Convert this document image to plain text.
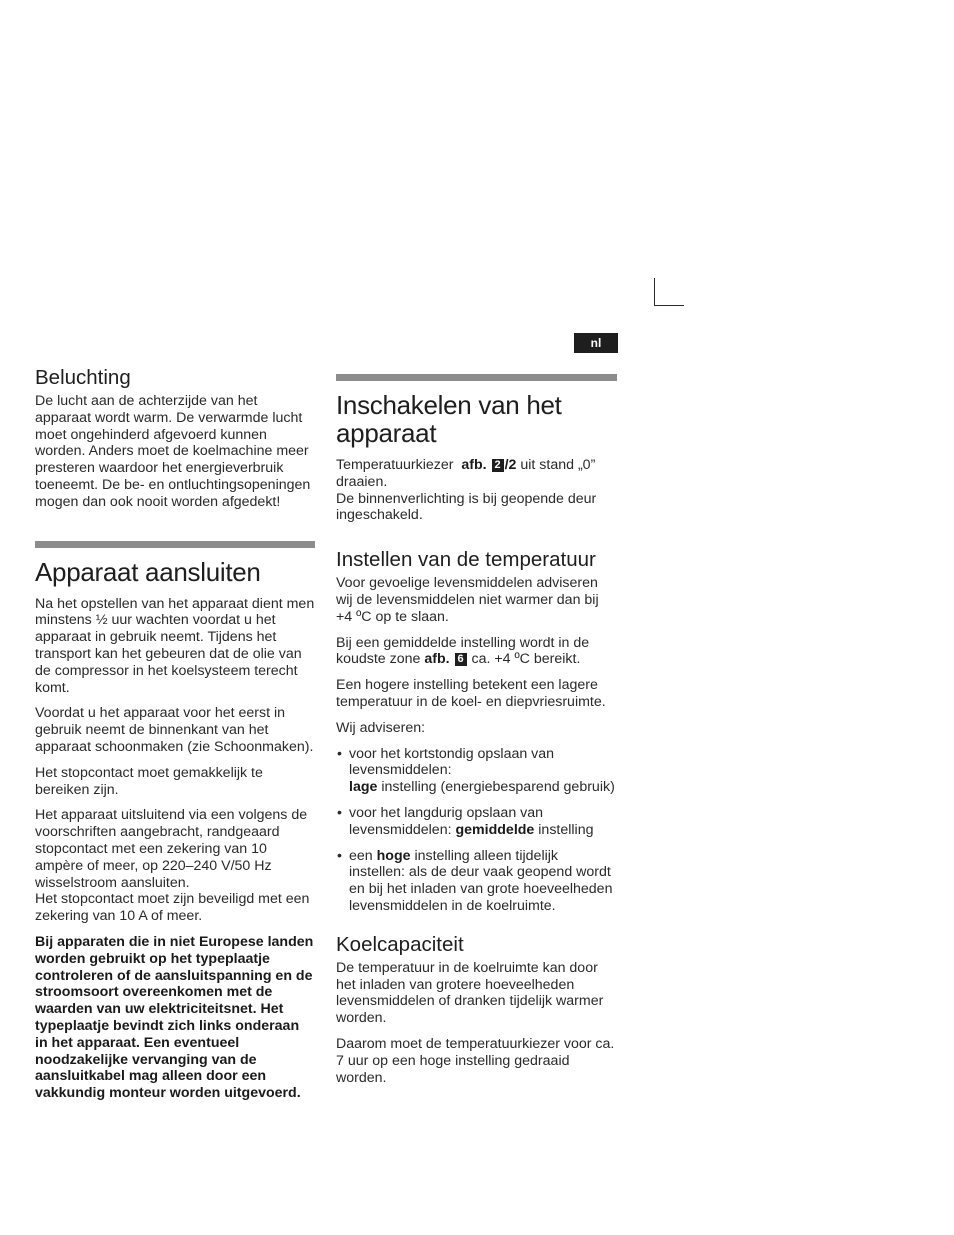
nl
Beluchting

De lucht aan de achterzijde van het apparaat wordt warm. De verwarmde lucht moet ongehinderd afgevoerd kunnen worden. Anders moet de koelmachine meer presteren waardoor het energieverbruik toeneemt. De be- en ontluchtingsopeningen mogen dan ook nooit worden afgedekt!

Apparaat aansluiten

Na het opstellen van het apparaat dient men minstens ½ uur wachten voordat u het apparaat in gebruik neemt. Tijdens het transport kan het gebeuren dat de olie van de compressor in het koelsysteem terecht komt.

Voordat u het apparaat voor het eerst in gebruik neemt de binnenkant van het apparaat schoonmaken (zie Schoonmaken).

Het stopcontact moet gemakkelijk te bereiken zijn.

Het apparaat uitsluitend via een volgens de voorschriften aangebracht, randgeaard stopcontact met een zekering van 10 ampère of meer, op 220–240 V/50 Hz wisselstroom aansluiten.

Het stopcontact moet zijn beveiligd met een zekering van 10 A of meer.

Bij apparaten die in niet Europese landen worden gebruikt op het typeplaatje controleren of de aansluitspanning en de stroomsoort overeenkomen met de waarden van uw elektriciteitsnet. Het typeplaatje bevindt zich links onderaan in het apparaat. Een eventueel noodzakelijke vervanging van de aansluitkabel mag alleen door een vakkundig monteur worden uitgevoerd.

Inschakelen van het apparaat

Temperatuurkiezer afb. 2 /2 uit stand „0” draaien.

De binnenverlichting is bij geopende deur ingeschakeld.

Instellen van de temperatuur

Voor gevoelige levensmiddelen adviseren wij de levensmiddelen niet warmer dan bij +4 ºC op te slaan.

Bij een gemiddelde instelling wordt in de koudste zone afb. 6 ca. +4 ºC bereikt.

Een hogere instelling betekent een lagere temperatuur in de koel- en diepvriesruimte.

Wij adviseren:

• voor het kortstondig opslaan van levensmiddelen:
lage instelling (energiebesparend gebruik)
• voor het langdurig opslaan van levensmiddelen: gemiddelde instelling
• een hoge instelling alleen tijdelijk instellen: als de deur vaak geopend wordt en bij het inladen van grote hoeveelheden levensmiddelen in de koelruimte.
Koelcapaciteit

De temperatuur in de koelruimte kan door het inladen van grotere hoeveelheden levensmiddelen of dranken tijdelijk warmer worden.

Daarom moet de temperatuurkiezer voor ca. 7 uur op een hoge instelling gedraaid worden.
